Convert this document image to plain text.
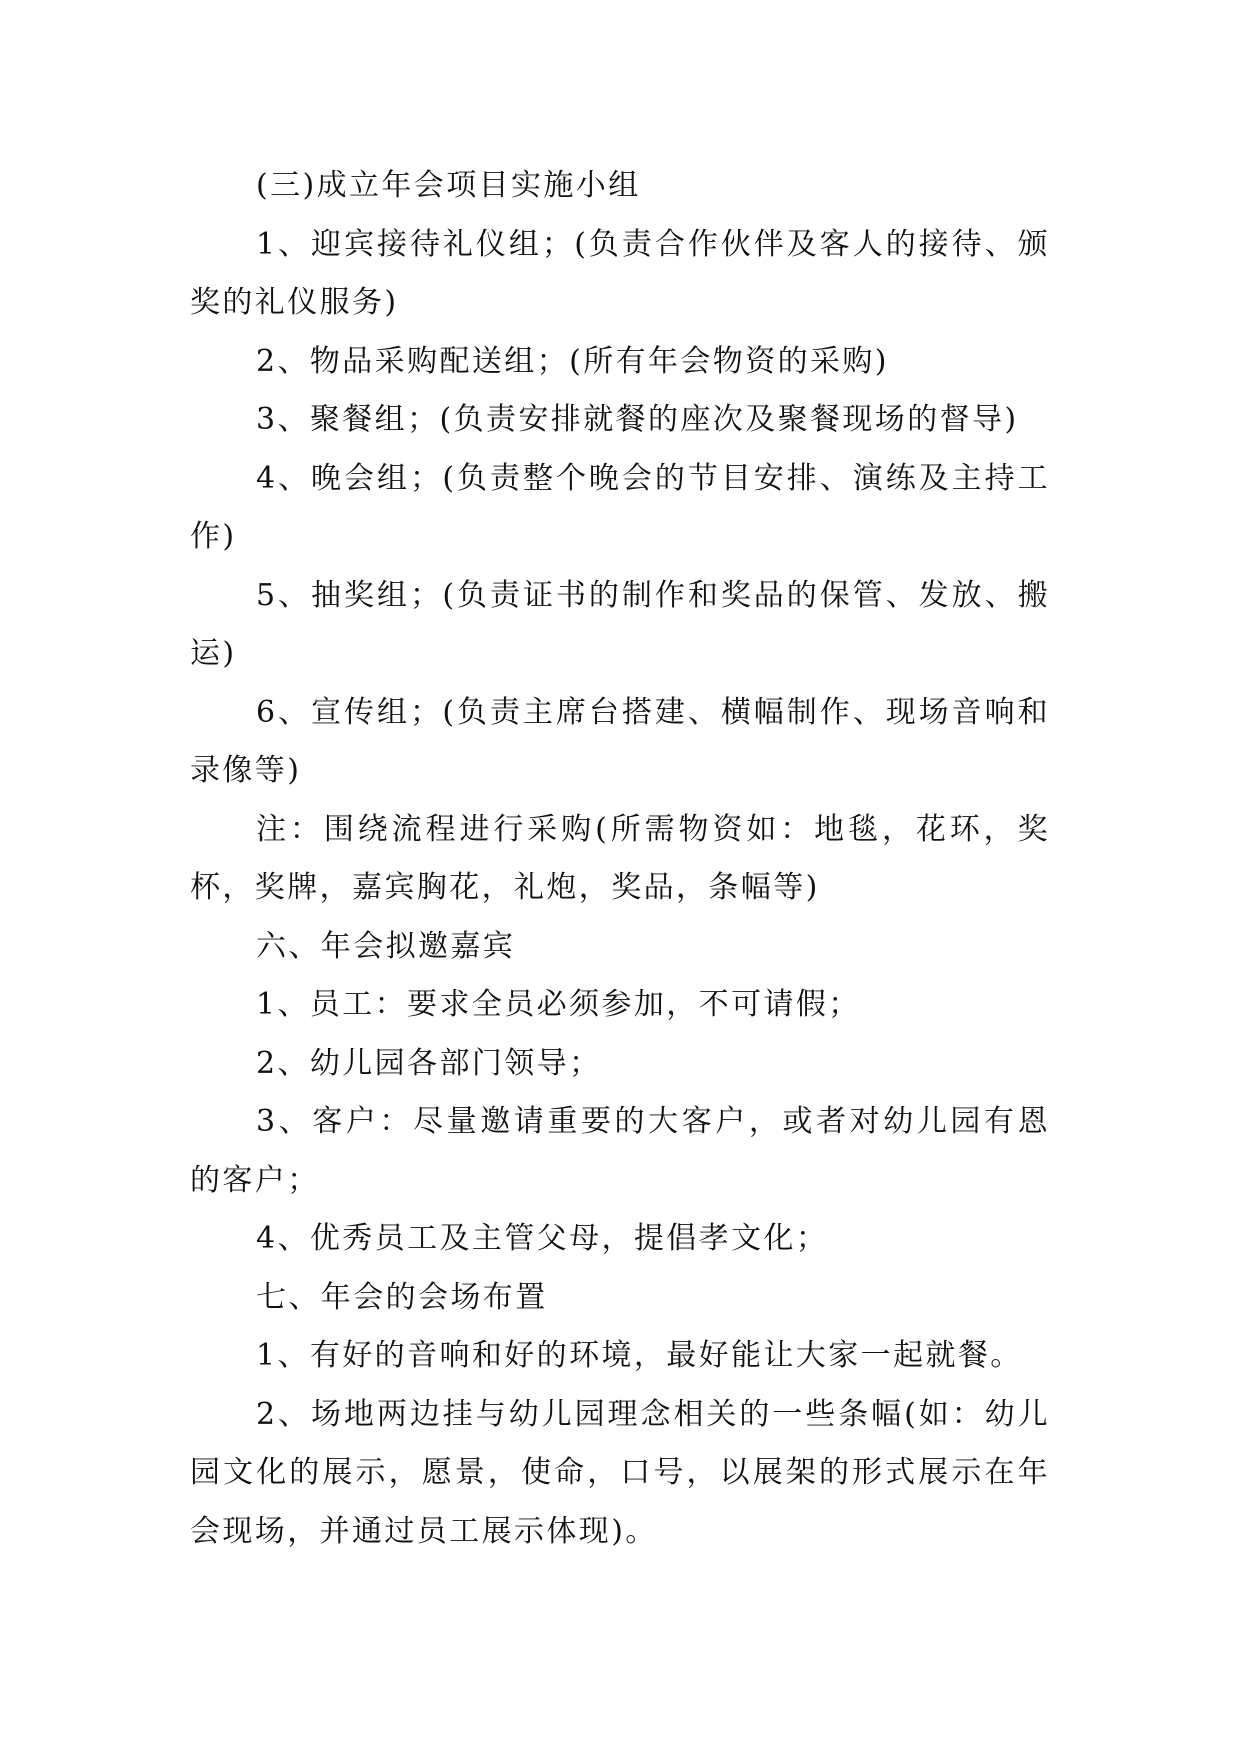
(三)成立年会项目实施小组

1、迎宾接待礼仪组；(负责合作伙伴及客人的接待、颁奖的礼仪服务)

2、物品采购配送组；(所有年会物资的采购)

3、聚餐组；(负责安排就餐的座次及聚餐现场的督导)

4、晚会组；(负责整个晚会的节目安排、演练及主持工作)

5、抽奖组；(负责证书的制作和奖品的保管、发放、搬运)

6、宣传组；(负责主席台搭建、横幅制作、现场音响和录像等)

注：围绕流程进行采购(所需物资如：地毯，花环，奖杯，奖牌，嘉宾胸花，礼炮，奖品，条幅等)

六、年会拟邀嘉宾

1、员工：要求全员必须参加，不可请假；

2、幼儿园各部门领导；

3、客户：尽量邀请重要的大客户，或者对幼儿园有恩的客户；

4、优秀员工及主管父母，提倡孝文化；

七、年会的会场布置

1、有好的音响和好的环境，最好能让大家一起就餐。

2、场地两边挂与幼儿园理念相关的一些条幅(如：幼儿园文化的展示，愿景，使命，口号，以展架的形式展示在年会现场，并通过员工展示体现)。
